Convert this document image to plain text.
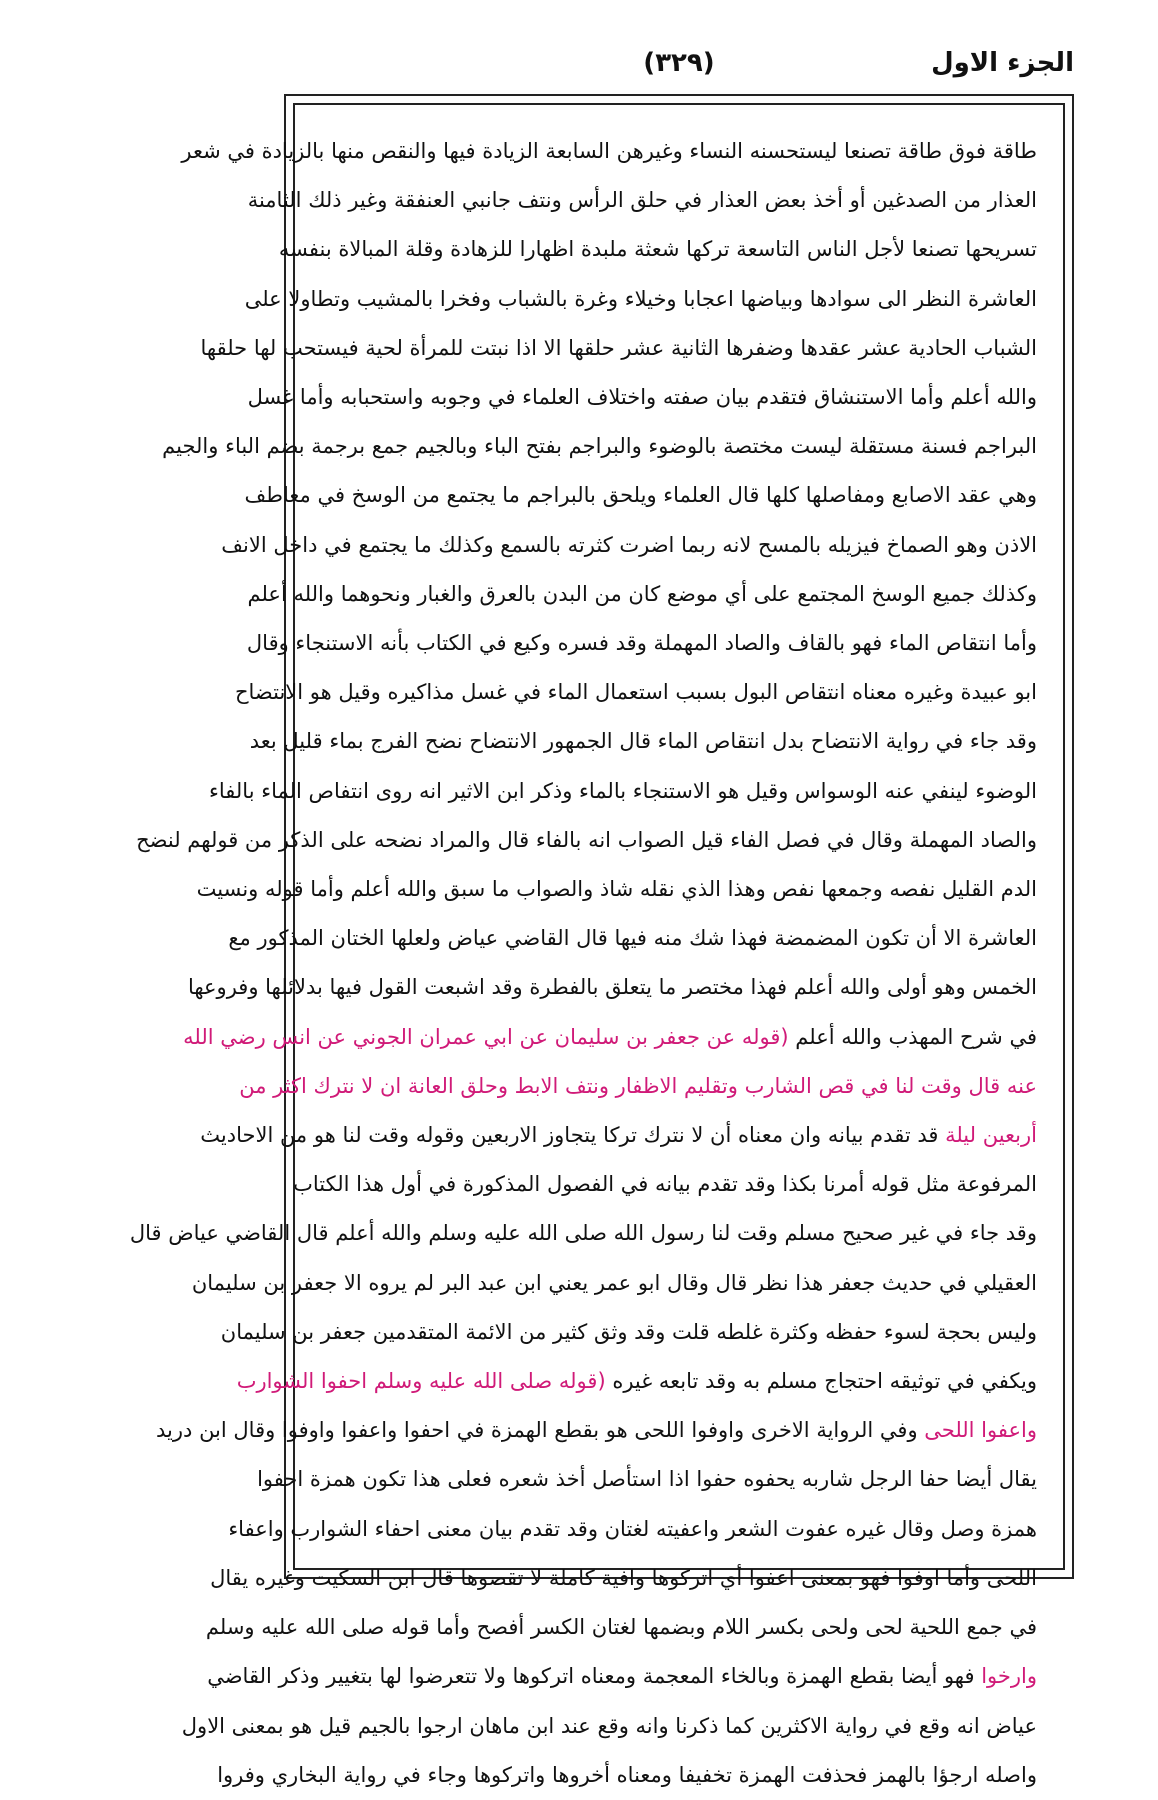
(٣٢٩)	الجزء الاول
طاقة فوق طاقة تصنعا ليستحسنه النساء وغيرهن السابعة الزيادة فيها والنقص منها بالزيادة في شعر
العذار من الصدغين أو أخذ بعض العذار في حلق الرأس ونتف جانبي العنفقة وغير ذلك الثامنة
تسريحها تصنعا لأجل الناس التاسعة تركها شعثة ملبدة اظهارا للزهادة وقلة المبالاة بنفسه
العاشرة النظر الى سوادها وبياضها اعجابا وخيلاء وغرة بالشباب وفخرا بالمشيب وتطاولا على
الشباب الحادية عشر عقدها وضفرها الثانية عشر حلقها الا اذا نبتت للمرأة لحية فيستحب لها حلقها
والله أعلم وأما الاستنشاق فتقدم بيان صفته واختلاف العلماء في وجوبه واستحبابه وأما غسل
البراجم فسنة مستقلة ليست مختصة بالوضوء والبراجم بفتح الباء وبالجيم جمع برجمة بضم الباء والجيم
وهي عقد الاصابع ومفاصلها كلها قال العلماء ويلحق بالبراجم ما يجتمع من الوسخ في معاطف
الاذن وهو الصماخ فيزيله بالمسح لانه ربما اضرت كثرته بالسمع وكذلك ما يجتمع في داخل الانف
وكذلك جميع الوسخ المجتمع على أي موضع كان من البدن بالعرق والغبار ونحوهما والله أعلم
وأما انتقاص الماء فهو بالقاف والصاد المهملة وقد فسره وكيع في الكتاب بأنه الاستنجاء وقال
ابو عبيدة وغيره معناه انتقاص البول بسبب استعمال الماء في غسل مذاكيره وقيل هو الانتضاح
وقد جاء في رواية الانتضاح بدل انتقاص الماء قال الجمهور الانتضاح نضح الفرج بماء قليل بعد
الوضوء لينفي عنه الوسواس وقيل هو الاستنجاء بالماء وذكر ابن الاثير انه روى انتفاص الماء بالفاء
والصاد المهملة وقال في فصل الفاء قيل الصواب انه بالفاء قال والمراد نضحه على الذكر من قولهم لنضح
الدم القليل نفصه وجمعها نفص وهذا الذي نقله شاذ والصواب ما سبق والله أعلم وأما قوله ونسيت
العاشرة الا أن تكون المضمضة فهذا شك منه فيها قال القاضي عياض ولعلها الختان المذكور مع
الخمس وهو أولى والله أعلم فهذا مختصر ما يتعلق بالفطرة وقد اشبعت القول فيها بدلائلها وفروعها
في شرح المهذب والله أعلم (قوله عن جعفر بن سليمان عن ابي عمران الجوني عن انس رضي الله
عنه قال وقت لنا في قص الشارب وتقليم الاظفار ونتف الابط وحلق العانة ان لا نترك اكثر من
أربعين ليلة قد تقدم بيانه وان معناه أن لا نترك تركا يتجاوز الاربعين وقوله وقت لنا هو من الاحاديث
المرفوعة مثل قوله أمرنا بكذا وقد تقدم بيانه في الفصول المذكورة في أول هذا الكتاب
وقد جاء في غير صحيح مسلم وقت لنا رسول الله صلى الله عليه وسلم والله أعلم قال القاضي عياض قال
العقيلي في حديث جعفر هذا نظر قال وقال ابو عمر يعني ابن عبد البر لم يروه الا جعفر بن سليمان
وليس بحجة لسوء حفظه وكثرة غلطه قلت وقد وثق كثير من الائمة المتقدمين جعفر بن سليمان
ويكفي في توثيقه احتجاج مسلم به وقد تابعه غيره (قوله صلى الله عليه وسلم احفوا الشوارب
واعفوا اللحى وفي الرواية الاخرى واوفوا اللحى هو بقطع الهمزة في احفوا واعفوا واوفوا وقال ابن دريد
يقال أيضا حفا الرجل شاربه يحفوه حفوا اذا استأصل أخذ شعره فعلى هذا تكون همزة احفوا
همزة وصل وقال غيره عفوت الشعر واعفيته لغتان وقد تقدم بيان معنى احفاء الشوارب واعفاء
اللحى وأما اوفوا فهو بمعنى اعفوا أي اتركوها وافية كاملة لا تقصوها قال ابن السكيت وغيره يقال
في جمع اللحية لحى ولحى بكسر اللام وبضمها لغتان الكسر أفصح وأما قوله صلى الله عليه وسلم
وارخوا فهو أيضا بقطع الهمزة وبالخاء المعجمة ومعناه اتركوها ولا تتعرضوا لها بتغيير وذكر القاضي
عياض انه وقع في رواية الاكثرين كما ذكرنا وانه وقع عند ابن ماهان ارجوا بالجيم قيل هو بمعنى الاول
واصله ارجؤا بالهمز فحذفت الهمزة تخفيفا ومعناه أخروها واتركوها وجاء في رواية البخاري وفروا
